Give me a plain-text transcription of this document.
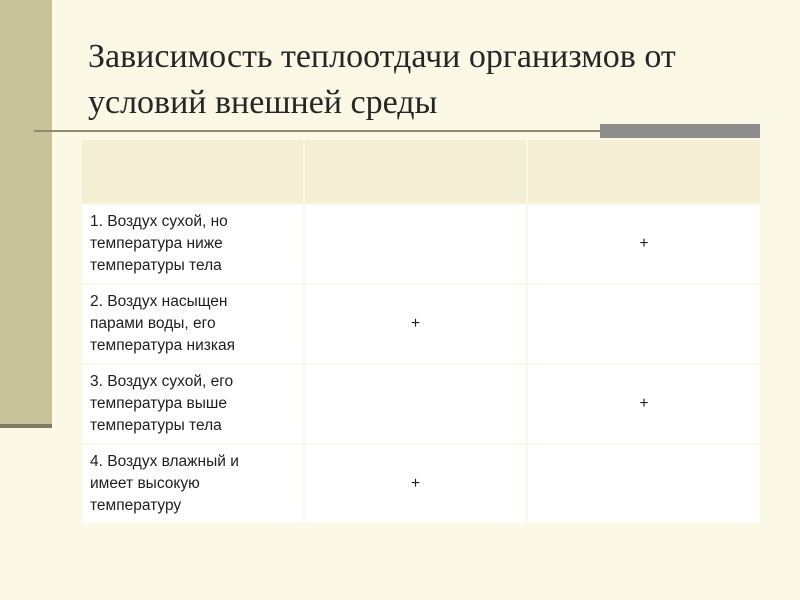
Зависимость теплоотдачи организмов от условий внешней среды

1. Воздух сухой, но
температура ниже
температуры тела		+

2. Воздух насыщен
парами воды, его
температура низкая	+	

3. Воздух сухой, его
температура выше
температуры тела		+

4. Воздух влажный и
имеет высокую
температуру	+	
